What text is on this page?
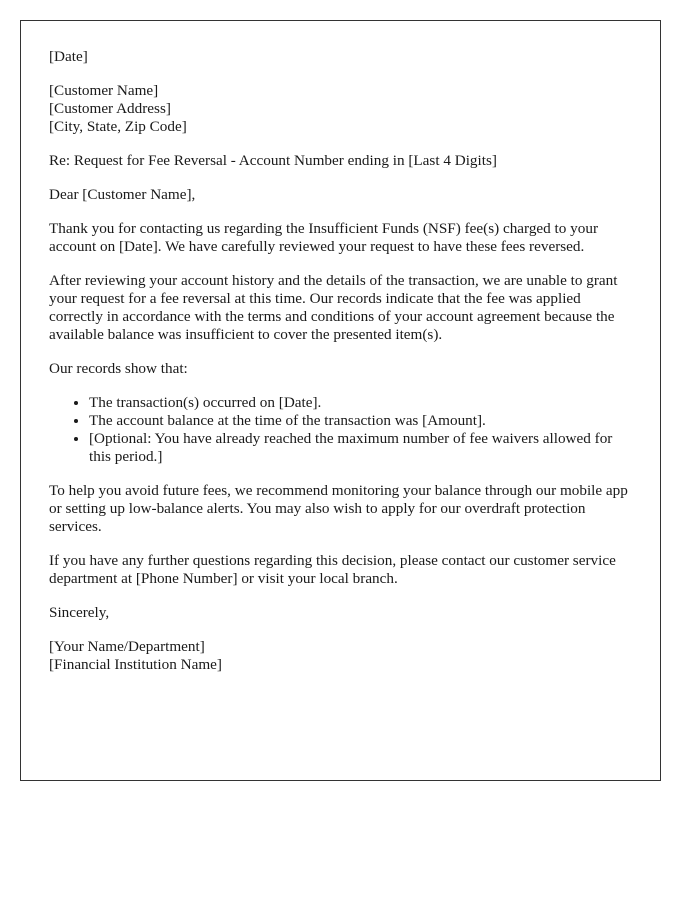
[Date]

[Customer Name]
[Customer Address]
[City, State, Zip Code]

Re: Request for Fee Reversal - Account Number ending in [Last 4 Digits]

Dear [Customer Name],

Thank you for contacting us regarding the Insufficient Funds (NSF) fee(s) charged to your account on [Date]. We have carefully reviewed your request to have these fees reversed.

After reviewing your account history and the details of the transaction, we are unable to grant your request for a fee reversal at this time. Our records indicate that the fee was applied correctly in accordance with the terms and conditions of your account agreement because the available balance was insufficient to cover the presented item(s).

Our records show that:

• The transaction(s) occurred on [Date].
• The account balance at the time of the transaction was [Amount].
• [Optional: You have already reached the maximum number of fee waivers allowed for this period.]

To help you avoid future fees, we recommend monitoring your balance through our mobile app or setting up low-balance alerts. You may also wish to apply for our overdraft protection services.

If you have any further questions regarding this decision, please contact our customer service department at [Phone Number] or visit your local branch.

Sincerely,

[Your Name/Department]
[Financial Institution Name]
